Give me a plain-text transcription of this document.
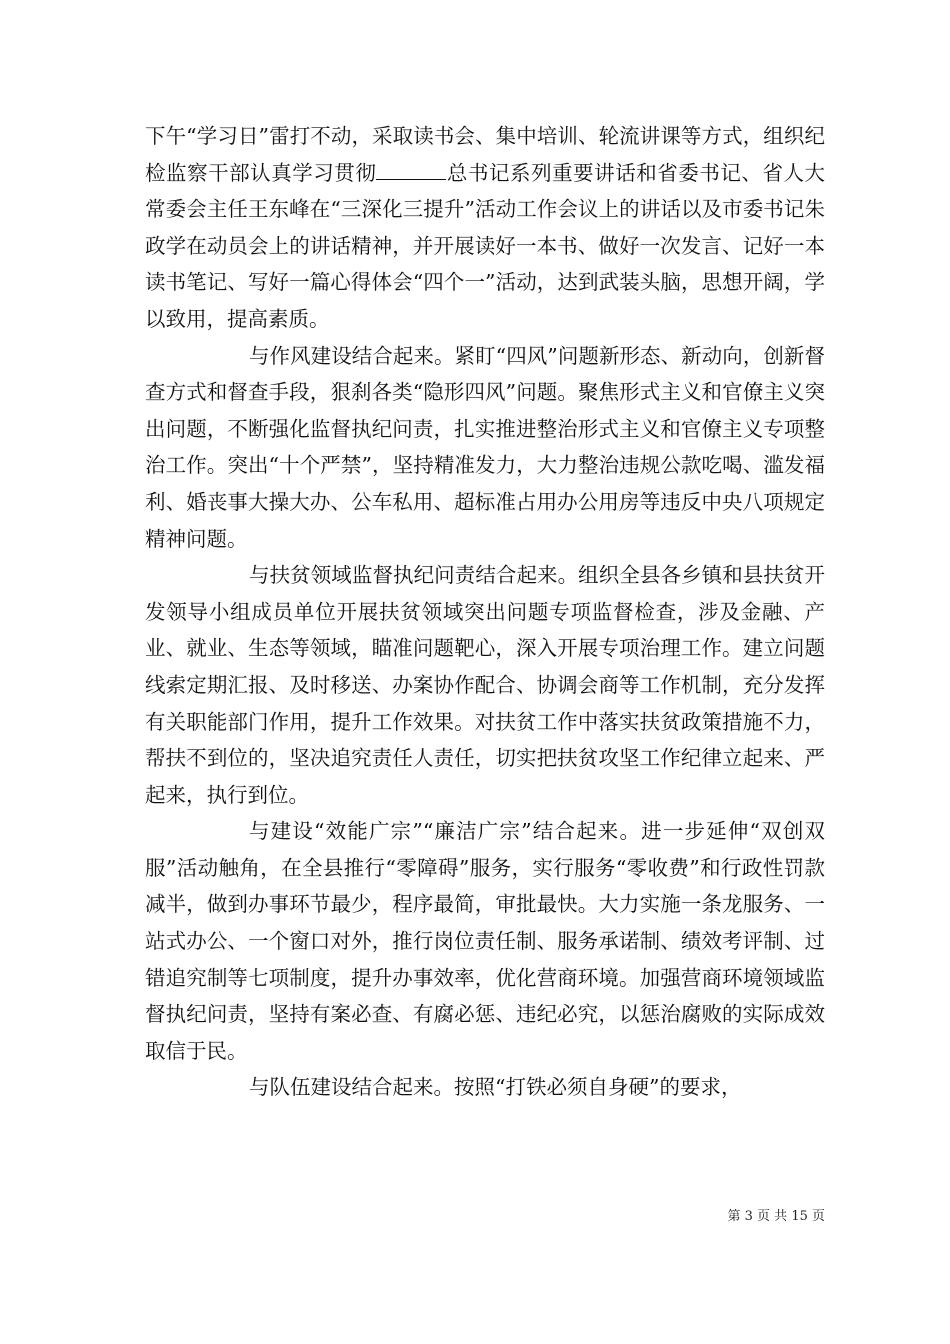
下午“学习日”雷打不动，采取读书会、集中培训、轮流讲课等方式，组织纪检监察干部认真学习贯彻	总书记系列重要讲话和省委书记、省人大常委会主任王东峰在“三深化三提升”活动工作会议上的讲话以及市委书记朱政学在动员会上的讲话精神，并开展读好一本书、做好一次发言、记好一本读书笔记、写好一篇心得体会“四个一”活动，达到武装头脑，思想开阔，学以致用，提高素质。

与作风建设结合起来。紧盯“四风”问题新形态、新动向，创新督查方式和督查手段，狠刹各类“隐形四风”问题。聚焦形式主义和官僚主义突出问题，不断强化监督执纪问责，扎实推进整治形式主义和官僚主义专项整治工作。突出“十个严禁”，坚持精准发力，大力整治违规公款吃喝、滥发福利、婚丧事大操大办、公车私用、超标准占用办公用房等违反中央八项规定精神问题。

与扶贫领域监督执纪问责结合起来。组织全县各乡镇和县扶贫开发领导小组成员单位开展扶贫领域突出问题专项监督检查，涉及金融、产业、就业、生态等领域，瞄准问题靶心，深入开展专项治理工作。建立问题线索定期汇报、及时移送、办案协作配合、协调会商等工作机制，充分发挥有关职能部门作用，提升工作效果。对扶贫工作中落实扶贫政策措施不力，帮扶不到位的，坚决追究责任人责任，切实把扶贫攻坚工作纪律立起来、严起来，执行到位。

与建设“效能广宗”“廉洁广宗”结合起来。进一步延伸“双创双服”活动触角，在全县推行“零障碍”服务，实行服务“零收费”和行政性罚款减半，做到办事环节最少，程序最简，审批最快。大力实施一条龙服务、一站式办公、一个窗口对外，推行岗位责任制、服务承诺制、绩效考评制、过错追究制等七项制度，提升办事效率，优化营商环境。加强营商环境领域监督执纪问责，坚持有案必查、有腐必惩、违纪必究，以惩治腐败的实际成效取信于民。

与队伍建设结合起来。按照“打铁必须自身硬”的要求，

第 3 页 共 15 页
